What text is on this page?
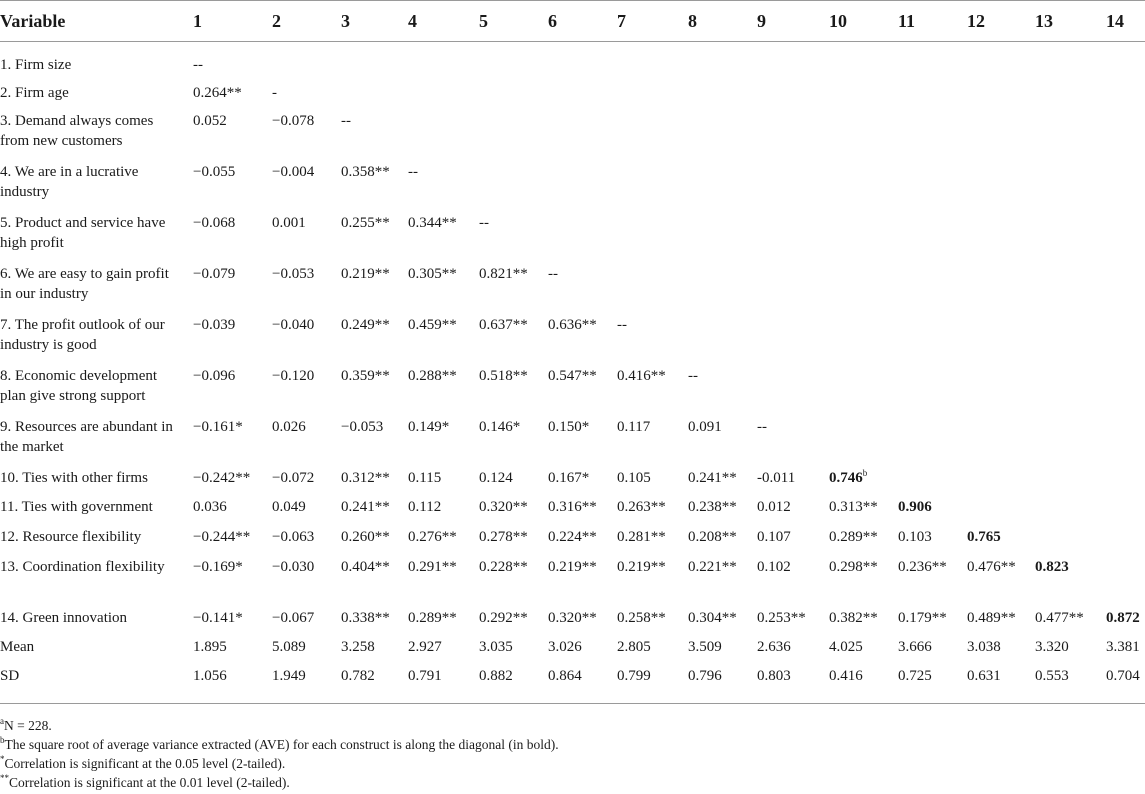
Variable	1	2	3	4	5	6	7	8	9	10	11	12	13	14
1. Firm size	--
2. Firm age	0.264** -
3. Demand always comes from new customers
0.052	−0.078 --
4. We are in a lucrative industry
−0.055 −0.004 0.358** --
5. Product and service have high profit
−0.068 0.001 0.255** 0.344** --
6. We are easy to gain profit in our industry
−0.079 −0.053 0.219** 0.305** 0.821** --
7. The profit outlook of our industry is good
−0.039 −0.040 0.249** 0.459** 0.637** 0.636** --
8. Economic development plan give strong support
−0.096 −0.120 0.359** 0.288** 0.518** 0.547** 0.416** --
9. Resources are abundant in the market
−0.161* 0.026 −0.053 0.149* 0.146* 0.150* 0.117	0.091 --
10. Ties with other firms	−0.242** −0.072 0.312** 0.115	0.124 0.167* 0.105 0.241** -0.011 0.746$^b$
11. Ties with government	0.036	0.049 0.241** 0.112	0.320** 0.316** 0.263** 0.238** 0.012	0.313** 0.906
12. Resource flexibility	−0.244** −0.063 0.260** 0.276** 0.278** 0.224** 0.281** 0.208** 0.107	0.289** 0.103 0.765
13. Coordination flexibility	−0.169* −0.030 0.404** 0.291** 0.228** 0.219** 0.219** 0.221** 0.102	0.298** 0.236** 0.476** 0.823
14. Green innovation	−0.141* −0.067 0.338** 0.289** 0.292** 0.320** 0.258** 0.304** 0.253** 0.382** 0.179** 0.489** 0.477** 0.872
Mean	1.895	5.089 3.258 2.927 3.035 3.026 2.805 3.509 2.636	4.025 3.666 3.038 3.320 3.381
SD	1.056	1.949 0.782 0.791 0.882 0.864 0.799 0.796 0.803	0.416 0.725 0.631 0.553 0.704
$^a$N = 228.
$^b$The square root of average variance extracted (AVE) for each construct is along the diagonal (in bold).
*Correlation is significant at the 0.05 level (2-tailed).
**Correlation is significant at the 0.01 level (2-tailed).
